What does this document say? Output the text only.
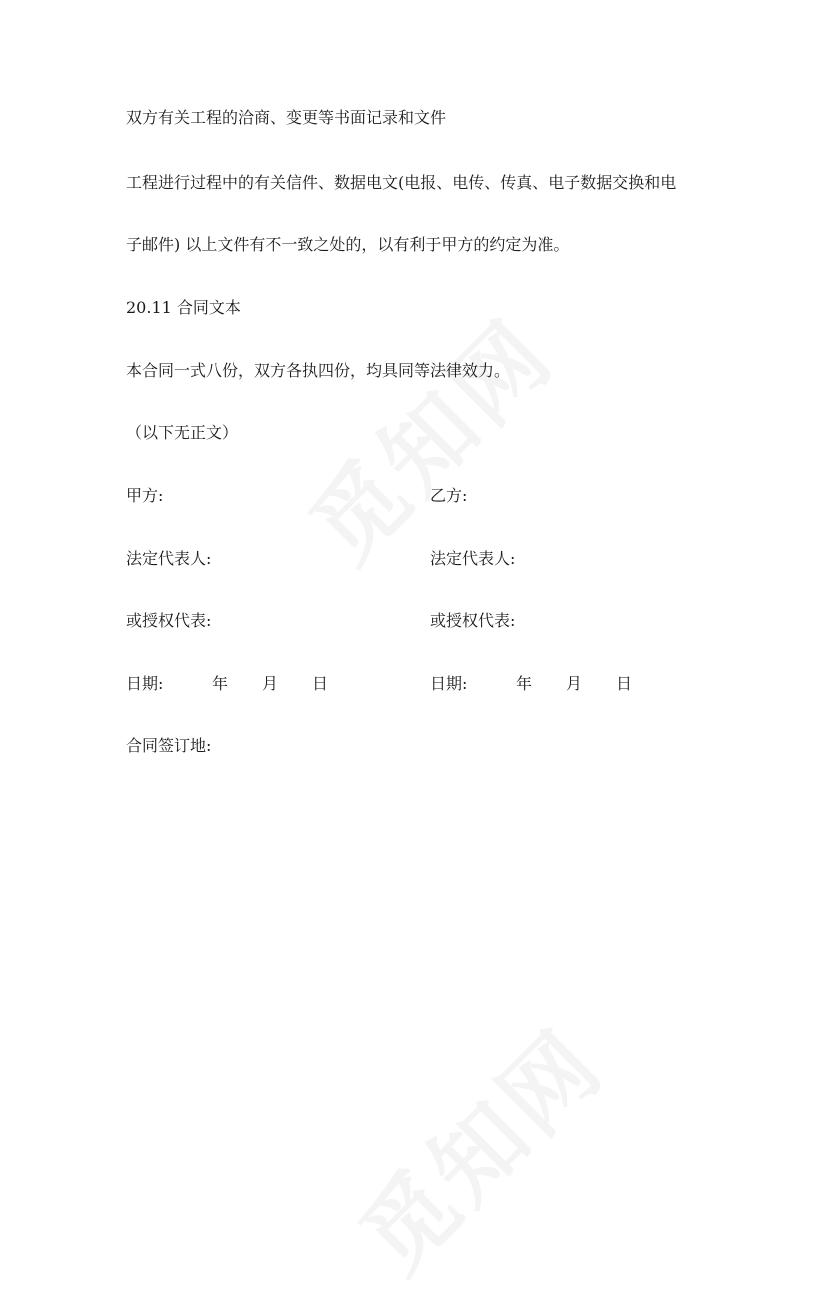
双方有关工程的洽商、变更等书面记录和文件
工程进行过程中的有关信件、数据电文(电报、电传、传真、电子数据交换和电
子邮件) 以上文件有不一致之处的，以有利于甲方的约定为准。
20.11 合同文本
本合同一式八份，双方各执四份，均具同等法律效力。
（以下无正文）
甲方:	乙方:
法定代表人:	法定代表人:
或授权代表:	或授权代表:
日期:	年 月 日	日期:	年 月 日
合同签订地:
